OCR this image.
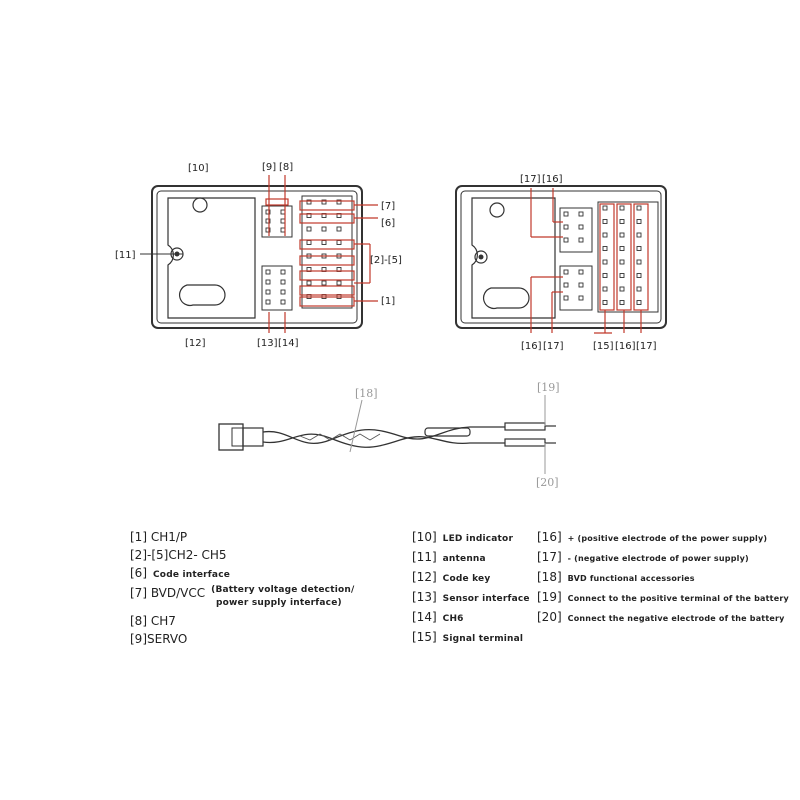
[10]	[9] [8]
[7]
[6]
[2]-[5]
[1]
[11]
[12]	[13] [14]
[17] [16]
[16] [17]	[15] [16] [17]
[18]	[19]
[20]
[1] CH1/P
[2]-[5]CH2- CH5
[6] Code interface
[7] BVD/VCC (Battery voltage detection/
power supply interface)
[8] CH7
[9]SERVO
[10] LED indicator
[11] antenna
[12] Code key
[13] Sensor interface
[14] CH6
[15] Signal terminal
[16] + (positive electrode of the power supply)
[17] - (negative electrode of power supply)
[18] BVD functional accessories
[19] Connect to the positive terminal of the battery
[20] Connect the negative electrode of the battery
